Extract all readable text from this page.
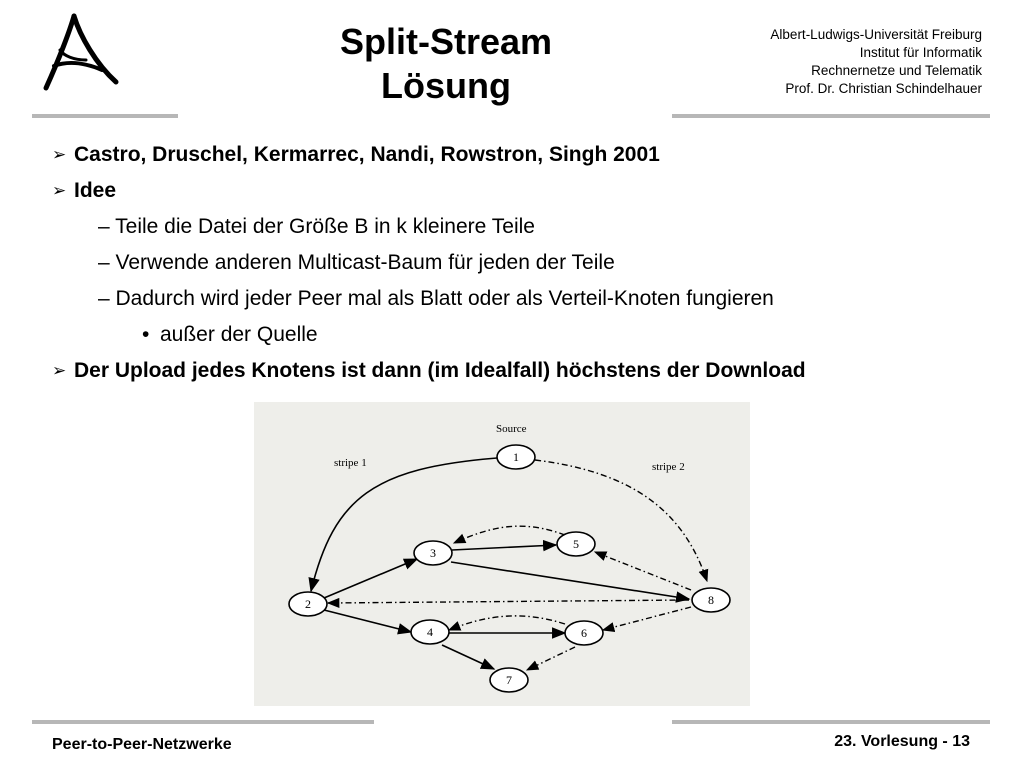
Split-Stream
Lösung
Albert-Ludwigs-Universität Freiburg
Institut für Informatik
Rechnernetze und Telematik
Prof. Dr. Christian Schindelhauer
➢ Castro, Druschel, Kermarrec, Nandi, Rowstron, Singh 2001
➢ Idee
– Teile die Datei der Größe B in k kleinere Teile
– Verwende anderen Multicast-Baum für jeden der Teile
– Dadurch wird jeder Peer mal als Blatt oder als Verteil-Knoten fungieren
• außer der Quelle
➢ Der Upload jedes Knotens ist dann (im Idealfall) höchstens der Download
1
2
3
4
5
6
7
8
Source
stripe 1	stripe 2
Peer-to-Peer-Netzwerke	23. Vorlesung - 13
